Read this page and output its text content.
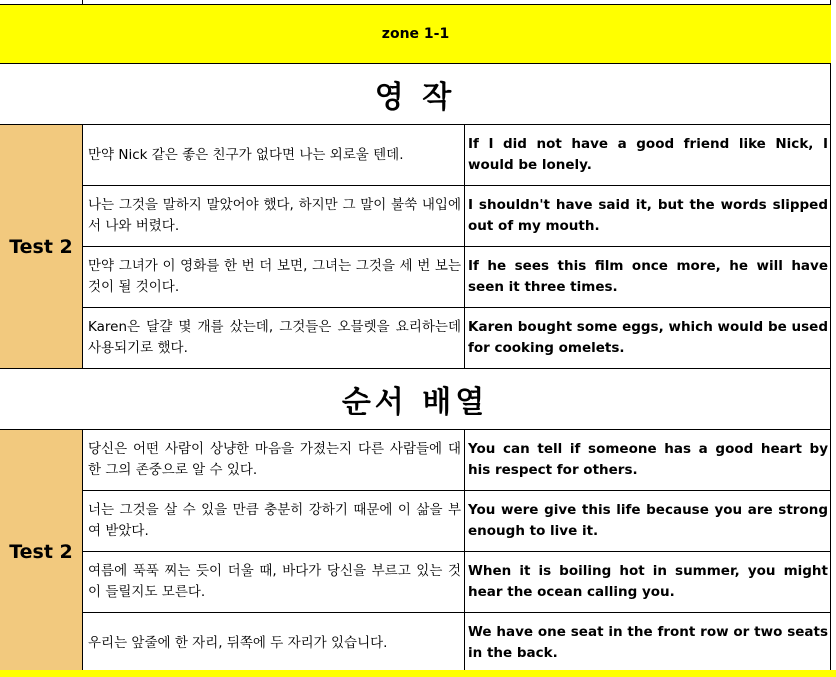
zone 1-1
영 작
Test 2
만약 Nick 같은 좋은 친구가 없다면 나는 외로울 텐데.
If I did not have a good friend like Nick, I would be lonely.
나는 그것을 말하지 말았어야 했다, 하지만 그 말이 불쑥 내입에서 나와 버렸다.
I shouldn't have said it, but the words slipped out of my mouth.
만약 그녀가 이 영화를 한 번 더 보면, 그녀는 그것을 세 번 보는 것이 될 것이다.
If he sees this film once more, he will have seen it three times.
Karen은 달걀 몇 개를 샀는데, 그것들은 오믈렛을 요리하는데 사용되기로 했다.
Karen bought some eggs, which would be used for cooking omelets.
순서 배열
Test 2
당신은 어떤 사람이 상냥한 마음을 가졌는지 다른 사람들에 대한 그의 존중으로 알 수 있다.
You can tell if someone has a good heart by his respect for others.
너는 그것을 살 수 있을 만큼 충분히 강하기 때문에 이 삶을 부여 받았다.
You were give this life because you are strong enough to live it.
여름에 푹푹 찌는 듯이 더울 때, 바다가 당신을 부르고 있는 것이 들릴지도 모른다.
When it is boiling hot in summer, you might hear the ocean calling you.
우리는 앞줄에 한 자리, 뒤쪽에 두 자리가 있습니다.
We have one seat in the front row or two seats in the back.
